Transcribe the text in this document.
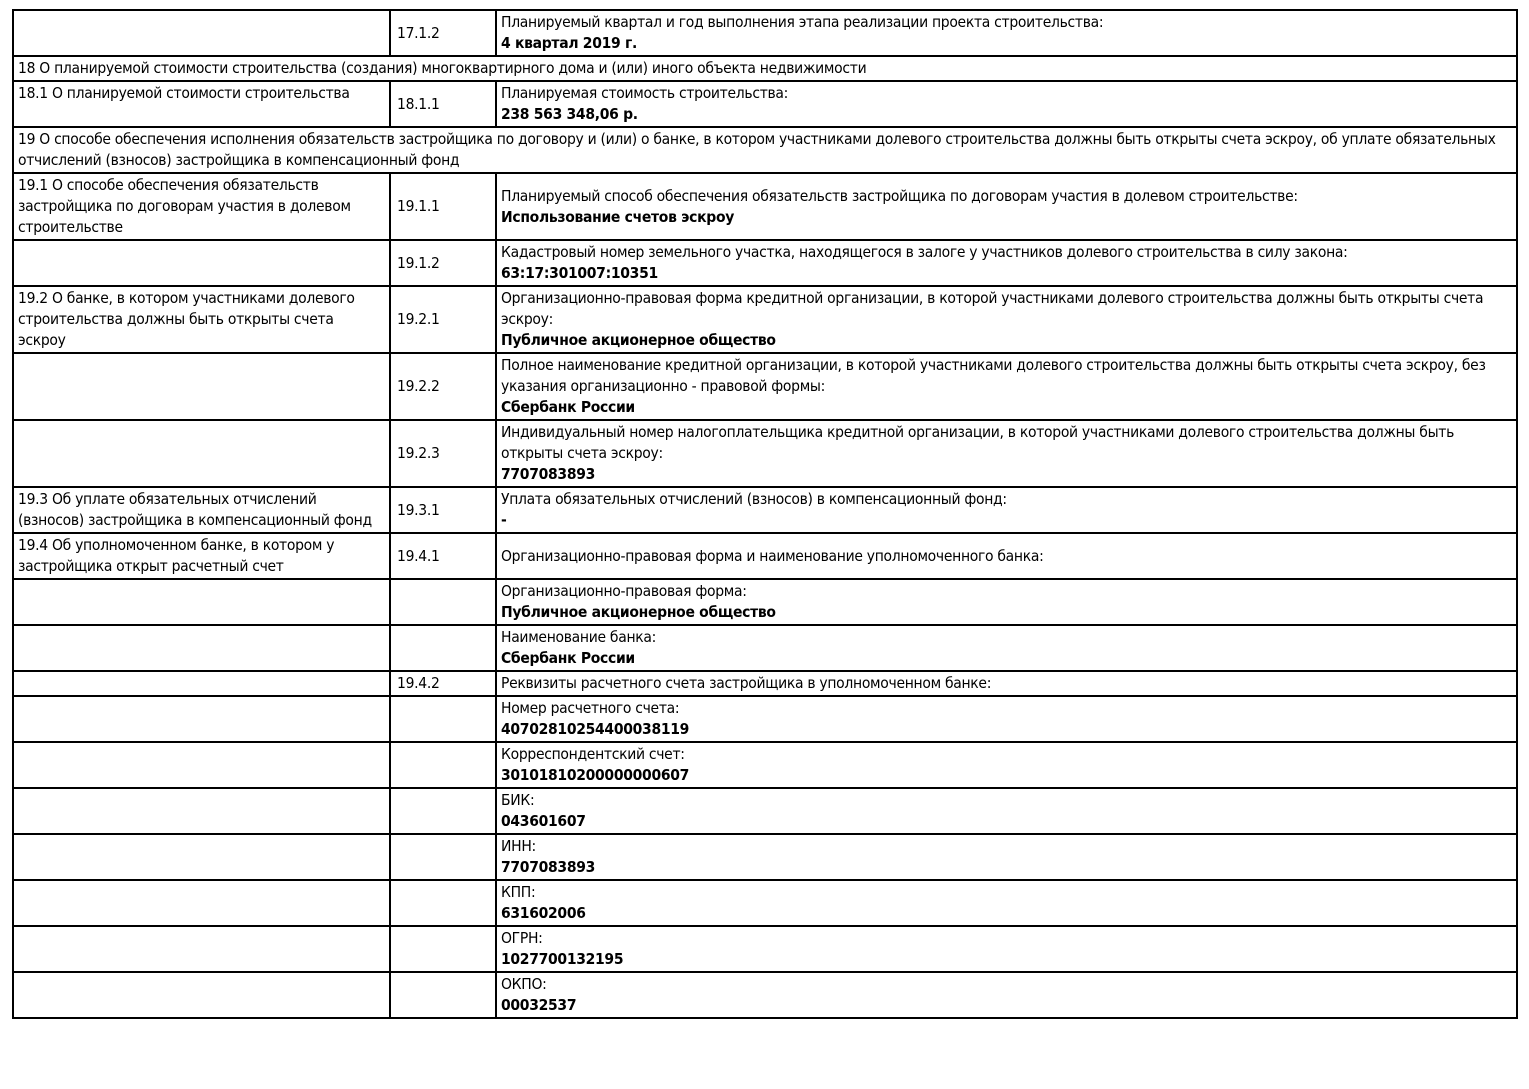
	17.1.2	Планируемый квартал и год выполнения этапа реализации проекта строительства:
4 квартал 2019 г.

18 О планируемой стоимости строительства (создания) многоквартирного дома и (или) иного объекта недвижимости		
18.1 О планируемой стоимости строительства	18.1.1	Планируемая стоимость строительства:
238 563 348,06 р.

19 О способе обеспечения исполнения обязательств застройщика по договору и (или) о банке, в котором участниками долевого строительства должны быть открыты счета эскроу, об уплате обязательных отчислений (взносов) застройщика в компенсационный фонд		
19.1 О способе обеспечения обязательств застройщика по договорам участия в долевом строительстве	19.1.1	Планируемый способ обеспечения обязательств застройщика по договорам участия в долевом строительстве:
Использование счетов эскроу

	19.1.2	Кадастровый номер земельного участка, находящегося в залоге у участников долевого строительства в силу закона:
63:17:301007:10351

19.2 О банке, в котором участниками долевого строительства должны быть открыты счета эскроу	19.2.1	Организационно-правовая форма кредитной организации, в которой участниками долевого строительства должны быть открыты счета эскроу:
Публичное акционерное общество

	19.2.2	Полное наименование кредитной организации, в которой участниками долевого строительства должны быть открыты счета эскроу, без указания организационно - правовой формы:
Сбербанк России

	19.2.3	Индивидуальный номер налогоплательщика кредитной организации, в которой участниками долевого строительства должны быть открыты счета эскроу:
7707083893

19.3 Об уплате обязательных отчислений (взносов) застройщика в компенсационный фонд	19.3.1	Уплата обязательных отчислений (взносов) в компенсационный фонд:
-

19.4 Об уполномоченном банке, в котором у застройщика открыт расчетный счет	19.4.1	Организационно-правовая форма и наименование уполномоченного банка:

		Организационно-правовая форма:
Публичное акционерное общество

		Наименование банка:
Сбербанк России

	19.4.2	Реквизиты расчетного счета застройщика в уполномоченном банке:

		Номер расчетного счета:
40702810254400038119

		Корреспондентский счет:
30101810200000000607

		БИК:
043601607

		ИНН:
7707083893

		КПП:
631602006

		ОГРН:
1027700132195

		ОКПО:
00032537
